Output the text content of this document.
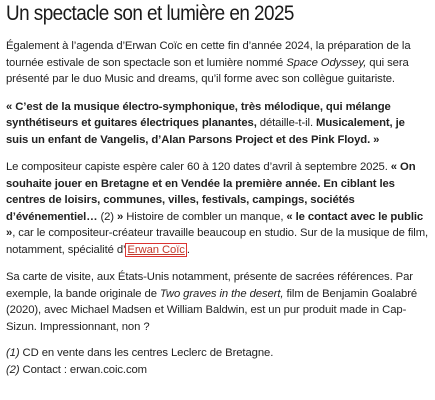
Un spectacle son et lumière en 2025

Également à l’agenda d’Erwan Coïc en cette fin d’année 2024, la préparation de la tournée estivale de son spectacle son et lumière nommé Space Odyssey, qui sera présenté par le duo Music and dreams, qu’il forme avec son collègue guitariste.

« C’est de la musique électro-symphonique, très mélodique, qui mélange synthétiseurs et guitares électriques planantes, détaille-t-il. Musicalement, je suis un enfant de Vangelis, d’Alan Parsons Project et des Pink Floyd. »

Le compositeur capiste espère caler 60 à 120 dates d’avril à septembre 2025. « On souhaite jouer en Bretagne et en Vendée la première année. En ciblant les centres de loisirs, communes, villes, festivals, campings, sociétés d’événementiel… (2) » Histoire de combler un manque, « le contact avec le public », car le compositeur-créateur travaille beaucoup en studio. Sur de la musique de film, notamment, spécialité d’ Erwan Coïc .

Sa carte de visite, aux États-Unis notamment, présente de sacrées références. Par exemple, la bande originale de Two graves in the desert, film de Benjamin Goalabré (2020), avec Michael Madsen et William Baldwin, est un pur produit made in Cap-Sizun. Impressionnant, non ?

(1) CD en vente dans les centres Leclerc de Bretagne.
(2) Contact : erwan.coic.com
